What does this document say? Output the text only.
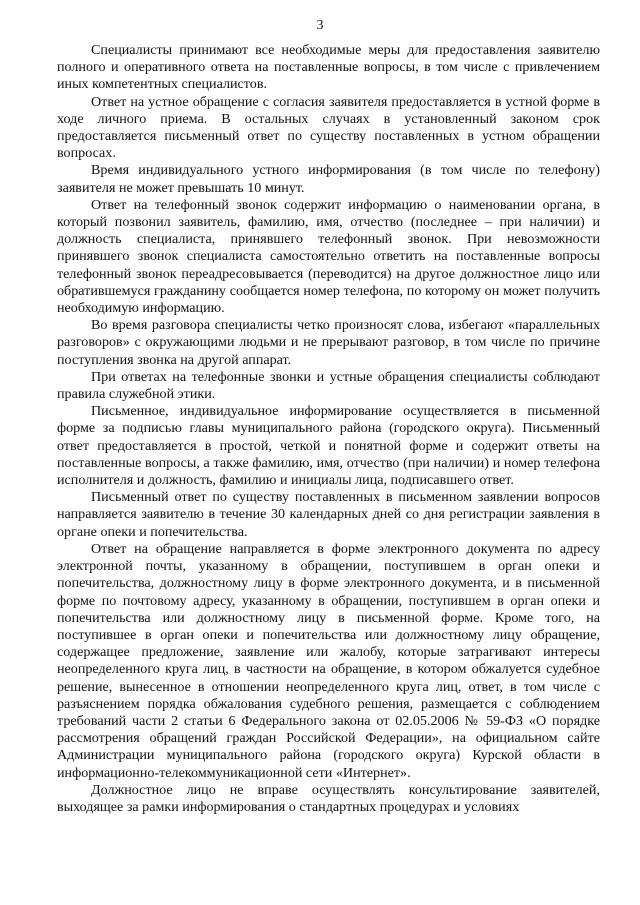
3

Специалисты принимают все необходимые меры для предоставления заявителю полного и оперативного ответа на поставленные вопросы, в том числе с привлечением иных компетентных специалистов.

Ответ на устное обращение с согласия заявителя предоставляется в устной форме в ходе личного приема. В остальных случаях в установленный законом срок предоставляется письменный ответ по существу поставленных в устном обращении вопросах.

Время индивидуального устного информирования (в том числе по телефону) заявителя не может превышать 10 минут.

Ответ на телефонный звонок содержит информацию о наименовании органа, в который позвонил заявитель, фамилию, имя, отчество (последнее – при наличии) и должность специалиста, принявшего телефонный звонок. При невозможности принявшего звонок специалиста самостоятельно ответить на поставленные вопросы телефонный звонок переадресовывается (переводится) на другое должностное лицо или обратившемуся гражданину сообщается номер телефона, по которому он может получить необходимую информацию.

Во время разговора специалисты четко произносят слова, избегают «параллельных разговоров» с окружающими людьми и не прерывают разговор, в том числе по причине поступления звонка на другой аппарат.

При ответах на телефонные звонки и устные обращения специалисты соблюдают правила служебной этики.

Письменное, индивидуальное информирование осуществляется в письменной форме за подписью главы муниципального района (городского округа). Письменный ответ предоставляется в простой, четкой и понятной форме и содержит ответы на поставленные вопросы, а также фамилию, имя, отчество (при наличии) и номер телефона исполнителя и должность, фамилию и инициалы лица, подписавшего ответ.

Письменный ответ по существу поставленных в письменном заявлении вопросов направляется заявителю в течение 30 календарных дней со дня регистрации заявления в органе опеки и попечительства.

Ответ на обращение направляется в форме электронного документа по адресу электронной почты, указанному в обращении, поступившем в орган опеки и попечительства, должностному лицу в форме электронного документа, и в письменной форме по почтовому адресу, указанному в обращении, поступившем в орган опеки и попечительства или должностному лицу в письменной форме. Кроме того, на поступившее в орган опеки и попечительства или должностному лицу обращение, содержащее предложение, заявление или жалобу, которые затрагивают интересы неопределенного круга лиц, в частности на обращение, в котором обжалуется судебное решение, вынесенное в отношении неопределенного круга лиц, ответ, в том числе с разъяснением порядка обжалования судебного решения, размещается с соблюдением требований части 2 статьи 6 Федерального закона от 02.05.2006 № 59-ФЗ «О порядке рассмотрения обращений граждан Российской Федерации», на официальном сайте Администрации муниципального района (городского округа) Курской области в информационно-телекоммуникационной сети «Интернет».

Должностное лицо не вправе осуществлять консультирование заявителей, выходящее за рамки информирования о стандартных процедурах и условиях
